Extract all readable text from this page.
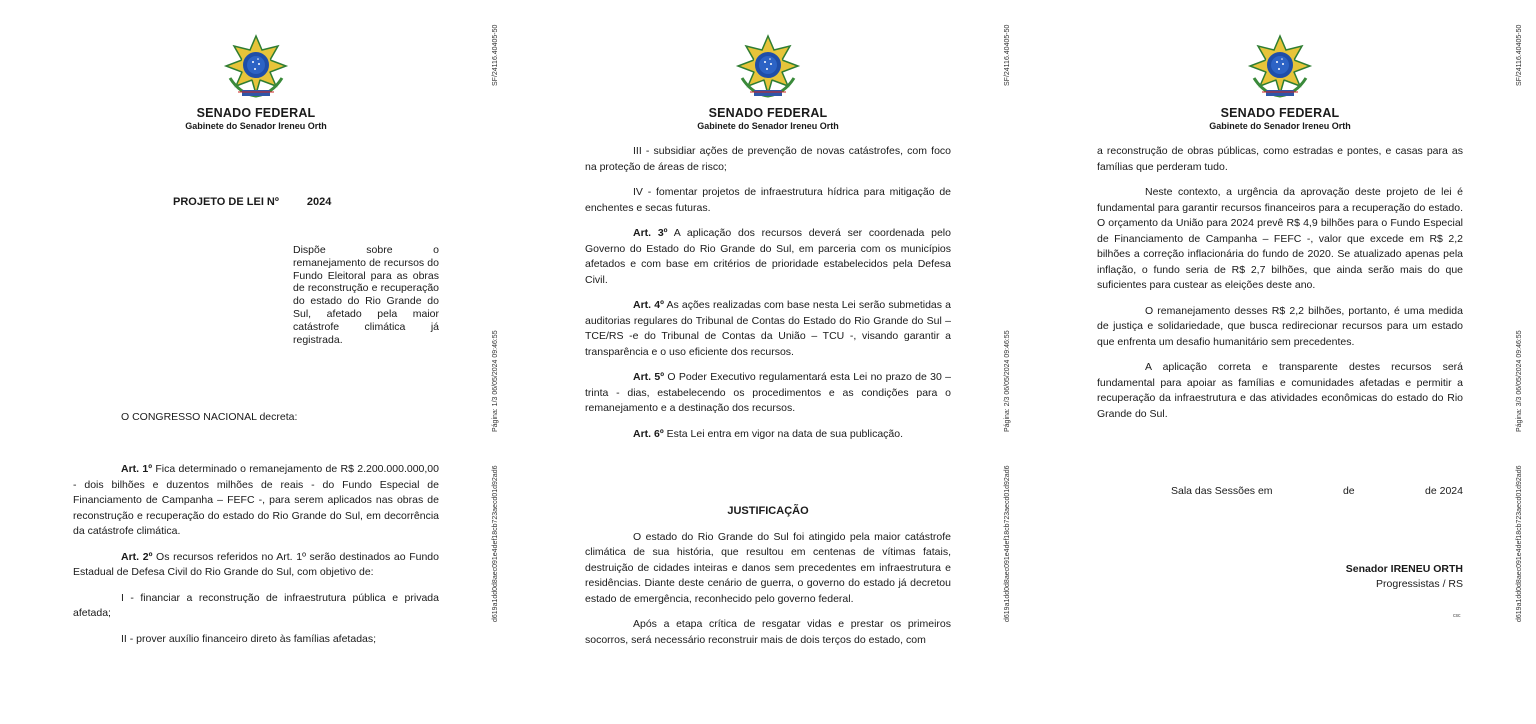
SENADO FEDERAL
Gabinete do Senador Ireneu Orth
PROJETO DE LEI Nº	2024
Dispõe sobre o remanejamento de recursos do Fundo Eleitoral para as obras de reconstrução e recuperação do estado do Rio Grande do Sul, afetado pela maior catástrofe climática já registrada.
O CONGRESSO NACIONAL decreta:

Art. 1º Fica determinado o remanejamento de R$ 2.200.000.000,00 - dois bilhões e duzentos milhões de reais - do Fundo Especial de Financiamento de Campanha – FEFC -, para serem aplicados nas obras de reconstrução e recuperação do estado do Rio Grande do Sul, em decorrência da catástrofe climática.

Art. 2º Os recursos referidos no Art. 1º serão destinados ao Fundo Estadual de Defesa Civil do Rio Grande do Sul, com objetivo de:

I - financiar a reconstrução de infraestrutura pública e privada afetada;

II - prover auxílio financeiro direto às famílias afetadas;

SF/24116.40405-50
Página: 1/3 06/05/2024 09:46:55
d619a1dd0d8aec091e4def18cb723aecd01d92ad6
SENADO FEDERAL
Gabinete do Senador Ireneu Orth

III - subsidiar ações de prevenção de novas catástrofes, com foco na proteção de áreas de risco;

IV - fomentar projetos de infraestrutura hídrica para mitigação de enchentes e secas futuras.

Art. 3º A aplicação dos recursos deverá ser coordenada pelo Governo do Estado do Rio Grande do Sul, em parceria com os municípios afetados e com base em critérios de prioridade estabelecidos pela Defesa Civil.

Art. 4º As ações realizadas com base nesta Lei serão submetidas a auditorias regulares do Tribunal de Contas do Estado do Rio Grande do Sul – TCE/RS -e do Tribunal de Contas da União – TCU -, visando garantir a transparência e o uso eficiente dos recursos.

Art. 5º O Poder Executivo regulamentará esta Lei no prazo de 30 – trinta - dias, estabelecendo os procedimentos e as condições para o remanejamento e a destinação dos recursos.

Art. 6º Esta Lei entra em vigor na data de sua publicação.

JUSTIFICAÇÃO

O estado do Rio Grande do Sul foi atingido pela maior catástrofe climática de sua história, que resultou em centenas de vítimas fatais, destruição de cidades inteiras e danos sem precedentes em infraestrutura e residências. Diante deste cenário de guerra, o governo do estado já decretou estado de emergência, reconhecido pelo governo federal.

Após a etapa crítica de resgatar vidas e prestar os primeiros socorros, será necessário reconstruir mais de dois terços do estado, com

SF/24116.40405-50
Página: 2/3 06/05/2024 09:46:55
d619a1dd0d8aec091e4def18cb723aecd01d92ad6
SENADO FEDERAL
Gabinete do Senador Ireneu Orth

a reconstrução de obras públicas, como estradas e pontes, e casas para as famílias que perderam tudo.

Neste contexto, a urgência da aprovação deste projeto de lei é fundamental para garantir recursos financeiros para a recuperação do estado. O orçamento da União para 2024 prevê R$ 4,9 bilhões para o Fundo Especial de Financiamento de Campanha – FEFC -, valor que excede em R$ 2,2 bilhões a correção inflacionária do fundo de 2020. Se atualizado apenas pela inflação, o fundo seria de R$ 2,7 bilhões, que ainda serão mais do que suficientes para custear as eleições deste ano.

O remanejamento desses R$ 2,2 bilhões, portanto, é uma medida de justiça e solidariedade, que busca redirecionar recursos para um estado que enfrenta um desafio humanitário sem precedentes.

A aplicação correta e transparente destes recursos será fundamental para apoiar as famílias e comunidades afetadas e permitir a recuperação da infraestrutura e das atividades econômicas do estado do Rio Grande do Sul.

SF/24116.40405-50
Página: 3/3 06/05/2024 09:46:55
d619a1dd0d8aec091e4def18cb723aecd01d92ad6
Sala das Sessões em	de	de 2024
Senador IRENEU ORTH
Progressistas / RS
csc
